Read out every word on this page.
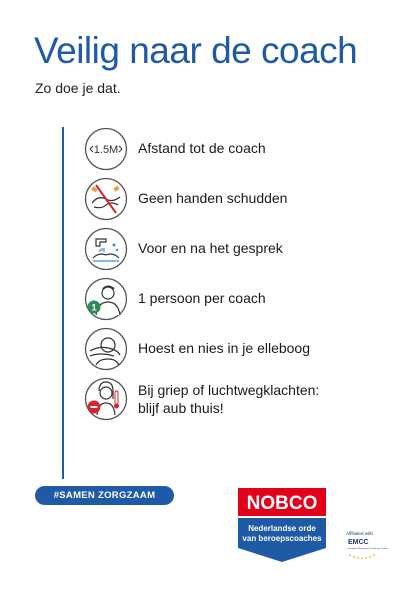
Veilig naar de coach
Zo doe je dat.
1.5M Afstand tot de coach
Geen handen schudden
Voor en na het gesprek
1
1 persoon per coach
Hoest en nies in je elleboog
Bij griep of luchtwegklachten:
blijf aub thuis!
#SAMEN ZORGZAAM	NOBCO
Nederlandse orde
van beroepscoaches
Affiliated with
EMCC
European Mentoring & Coaching Council
